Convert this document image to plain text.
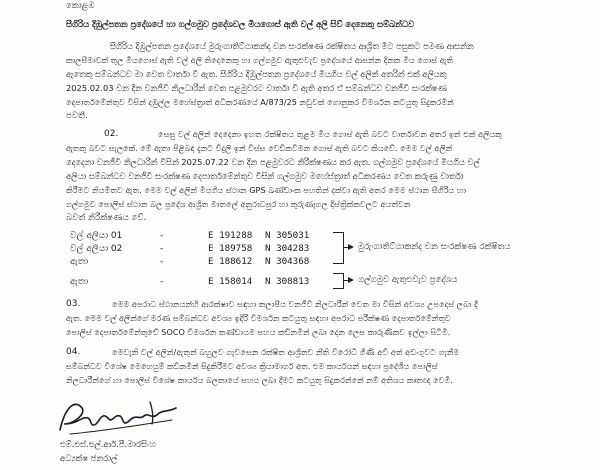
කොළඹ
සීගිරිය දිඹුල්පතන ප්‍රදේශයේ හා ගල්ගමුව ප්‍රදේශවල මියගොස් ඇති වල් අලි සිව් දෙනෙකු සම්බන්ධව
සීගිරිය දිඹුල්පතන ප්‍රදේශයේ මුරුංගාතිට්ඨාකන්ද වන සංරක්ෂණ රක්ෂිතය ආශ්‍රිත මීට පසුකට පමණ ආසන්න
කාලසීමාවක් තුල මියගොස් ඇති වල් අලි තිදෙනෙකු හා ගල්ගමුව ඇතුළුවැව ප්‍රදේශයේ ආසන්න දිනක මිය ගොස් ඇති
ඇතෙකු සම්බන්ධව මා වෙත වාර්තා වී ඇත. සීගිරිය දිඹුල්පතන ප්‍රදේශයේ මියගිය වල් අලින් අතරින් එක් අලියකු
2025.02.03 වන දින වනජීවී නිලධාරීන් වෙත පළමුවරට වාර්තා වී ඇති අතර ඒ සම්බන්ධව වනජීවී සංරක්ෂණ
දෙපාර්තමේන්තුව විසින් දඹුල්ල මහේස්ත්‍රාත් අධිකරණයේ A/873/25 නඩුවක් ගොනුකර විමර්ශන කටයුතු සිදුකරමින්
පවතී.
02.	සෙසු වල් අලින් දෙදෙනා ඉහත රක්ෂිතය තුළම මිය ගොස් ඇති බවට වාර්තාවන අතර ඉන් එක් අලියකු
ඇතකු බවට සැලකේ. මේ ඇතා පිළිබඳ දැනට විදුලි ඉන් විස්ස වෙඩිකවීමන ගොස් ඇති බවට කියවේ. මෙම වල් අලින්
දෙදෙනා වනජීවී නිලධාරීන් විසින් 2025.07.22 වන දින පළමුවරට නිරීක්ෂණය කර ඇත. ගල්ගමුව ප්‍රදේශයේ මියගිය වල්
අලියා සම්බන්ධව වනජීවී සංරක්ෂණ දෙපාර්තමේන්තුව විසින් ගල්ගමුව මහේස්ත්‍රාත් අධිකරණය වෙත කරුණු වාර්තා
කිරීමට නියමිතව ඇත. මෙම වල් අලින් මියගිය ස්ථාන GPS ඛණ්ඩාංක පහතින් දක්වා ඇති අතර මෙම ස්ථාන සීගිරිය හා
ගල්ගමුව පොලිස් ස්ථාන බල ප්‍රදේශ ආශ්‍රිත මාතලේ අනුරාධපුර හා කුරුණෑගල දිස්ත්‍රික්කවලට අයත්වන
බවත් නිරීක්ෂණය වේ.
වල් අලියා 01	-	E 191288 N 305031
වල් අලියා 02	-	E 189758 N 304283
ඇතා	-	E 188612 N 304368
මුරුංගාතිට්ඨාකන්ද වන සංරක්ෂණ රක්ෂිතය
ඇතා	-	E 158014 N 308813	ගල්ගමුව ඇතුළුවැව ප්‍රදේශය
03.	මෙම අපරාධ ස්ථානයන්හි ආරක්ෂාව සඳහා කලාපීය වනජීවී නිලධාරීන් වෙත මා විසින් අවශ්‍ය උපදෙස් ලබා දී
ඇත. මෙම වල් අලින්ගේ මරණ සම්බන්ධව අවශ්‍ය ඉදිරි විමර්ශන කටයුතු සඳහා අපරාධ පරීක්ෂණ දෙපාර්තමේන්තුව
පොලිස් දෙපාර්තමේන්තුවේ SOCO විමර්ශන කණ්ඩායම සහය කඩිනමින් ලබා දෙන ලෙස කාරුණිකව ඉල්ලා සිටිමි.
04.	මෙවැනි වල් අලින්/ඇතුන් බහුලව ගැවසෙන රක්ෂිත ආශ්‍රිතව නීති විරෝධී ගිණි අවි අත් අඩංගුවට ගැනීම
සම්බන්ධව විශේෂ මෙහෙයුම් කඩිනමින් සිදුකිරීමට අවශ්‍ය ක්‍රියාමාර්ග අත. එම කාර්යයන් සඳහා ප්‍රදේශීය පොලිස්
නිලධාරීන්ගේ හා පොලිස් විශේෂ කාර්යය බලකායේ සහය ලබා දීමට කටයුතු සිදුකරන්නේ නම් අතිශය කෘතඥ වෙමි.
එම්.එස්.එල්.ආර්.පී.මාරසිංහ
අධ්‍යක්ෂ ජනරාල්
